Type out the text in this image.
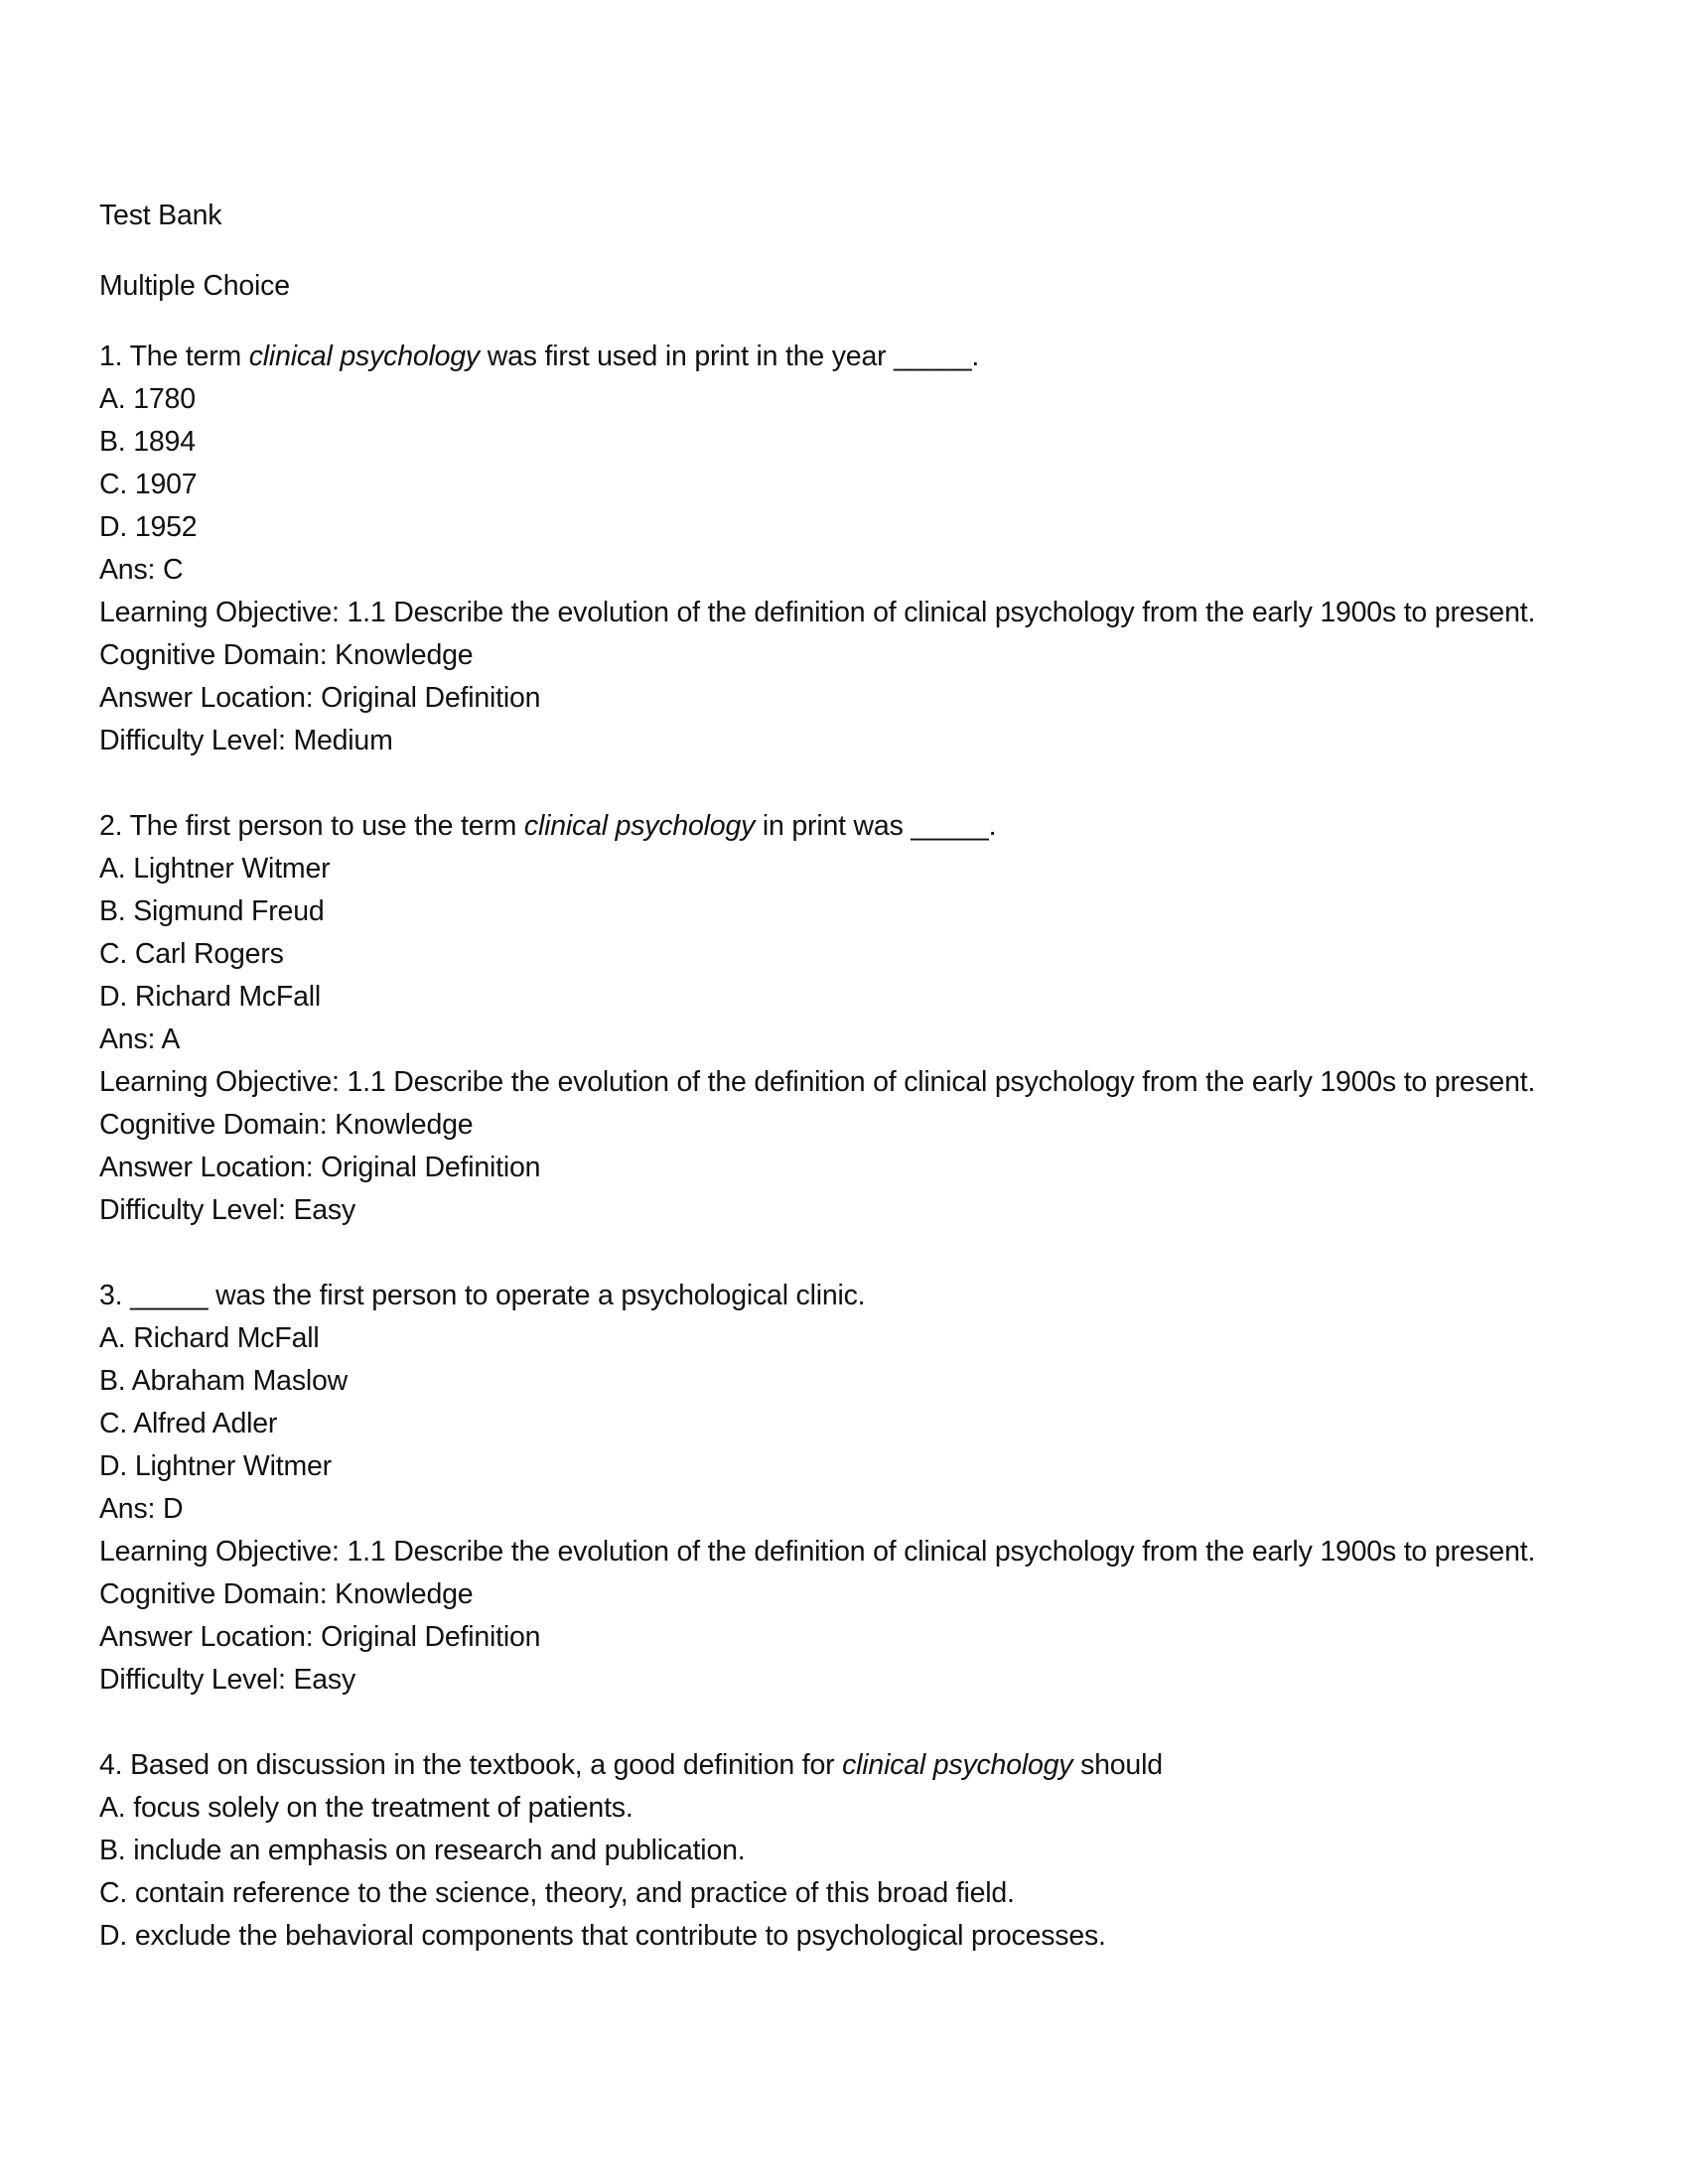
Test Bank
Multiple Choice
1. The term clinical psychology was first used in print in the year _____.
A. 1780
B. 1894
C. 1907
D. 1952
Ans: C
Learning Objective: 1.1 Describe the evolution of the definition of clinical psychology from the early 1900s to present.
Cognitive Domain: Knowledge
Answer Location: Original Definition
Difficulty Level: Medium
2. The first person to use the term clinical psychology in print was _____.
A. Lightner Witmer
B. Sigmund Freud
C. Carl Rogers
D. Richard McFall
Ans: A
Learning Objective: 1.1 Describe the evolution of the definition of clinical psychology from the early 1900s to present.
Cognitive Domain: Knowledge
Answer Location: Original Definition
Difficulty Level: Easy
3. _____ was the first person to operate a psychological clinic.
A. Richard McFall
B. Abraham Maslow
C. Alfred Adler
D. Lightner Witmer
Ans: D
Learning Objective: 1.1 Describe the evolution of the definition of clinical psychology from the early 1900s to present.
Cognitive Domain: Knowledge
Answer Location: Original Definition
Difficulty Level: Easy
4. Based on discussion in the textbook, a good definition for clinical psychology should
A. focus solely on the treatment of patients.
B. include an emphasis on research and publication.
C. contain reference to the science, theory, and practice of this broad field.
D. exclude the behavioral components that contribute to psychological processes.
